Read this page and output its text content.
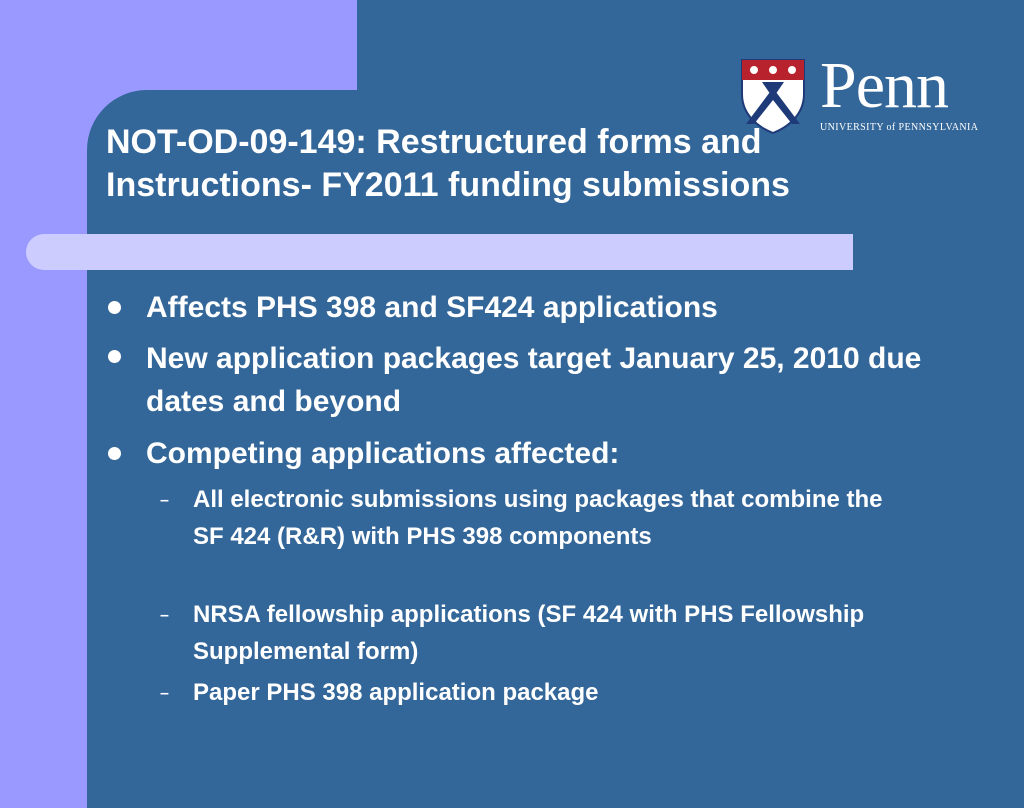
Penn
UNIVERSITY of PENNSYLVANIA
NOT-OD-09-149: Restructured forms and Instructions- FY2011 funding submissions
Affects PHS 398 and SF424 applications
New application packages target January 25, 2010 due dates and beyond
Competing applications affected:
– All electronic submissions using packages that combine the SF 424 (R&R) with PHS 398 components
– NRSA fellowship applications (SF 424 with PHS Fellowship Supplemental form)
– Paper PHS 398 application package
